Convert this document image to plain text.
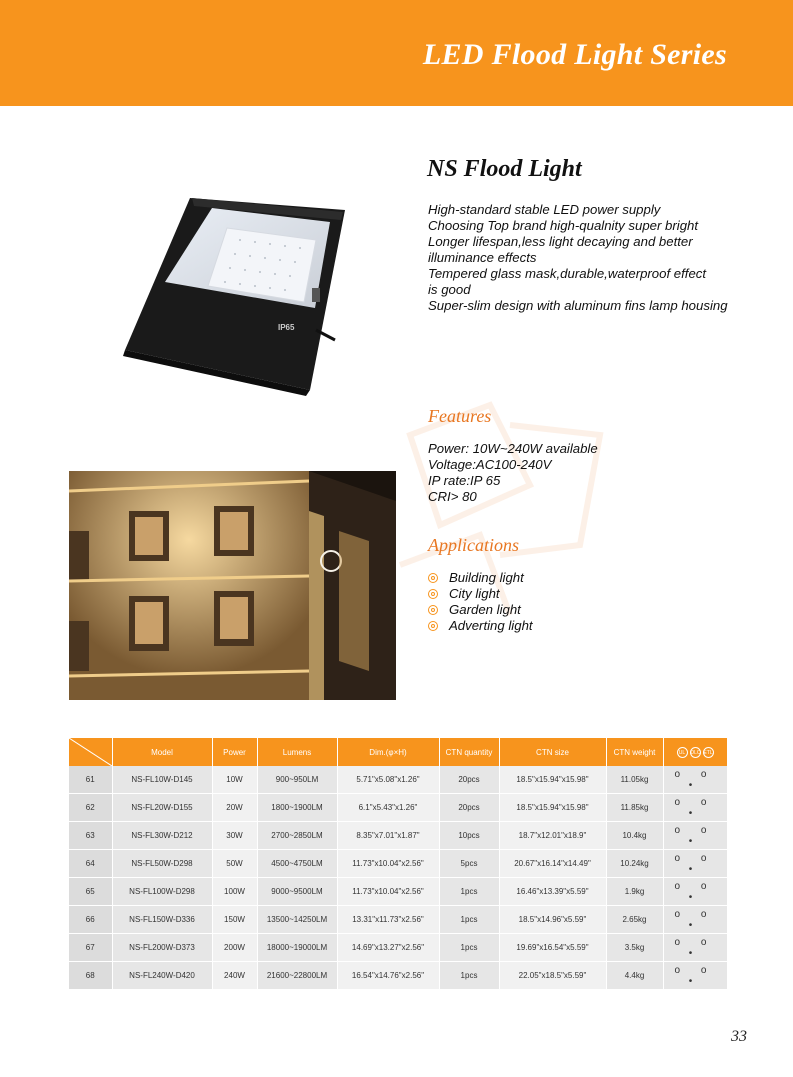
LED Flood Light Series
IP65
NS Flood Light
High-standard stable LED power supply
Choosing Top brand high-qualnity super bright
Longer lifespan,less light decaying and better
illuminance effects
Tempered glass mask,durable,waterproof effect
is good
Super-slim design with aluminum fins lamp housing
Features
Power: 10W~240W available
Voltage:AC100-240V
IP rate:IP 65
CRI> 80
Applications
Building light
City light
Garden light
Adverting light
	Model	Power	Lumens	Dim.(φ×H)	CTN quantity	CTN size	CTN weight	UL DLC ETL

61	NS-FL10W-D145	10W	900~950LM	5.71"x5.08"x1.26"	20pcs	18.5"x15.94"x15.98"	11.05kg	o o •
62	NS-FL20W-D155	20W	1800~1900LM	6.1"x5.43"x1.26"	20pcs	18.5"x15.94"x15.98"	11.85kg	o o •
63	NS-FL30W-D212	30W	2700~2850LM	8.35"x7.01"x1.87"	10pcs	18.7"x12.01"x18.9"	10.4kg	o o •
64	NS-FL50W-D298	50W	4500~4750LM	11.73"x10.04"x2.56"	5pcs	20.67"x16.14"x14.49"	10.24kg	o o •
65	NS-FL100W-D298	100W	9000~9500LM	11.73"x10.04"x2.56"	1pcs	16.46"x13.39"x5.59"	1.9kg	o o •
66	NS-FL150W-D336	150W	13500~14250LM	13.31"x11.73"x2.56"	1pcs	18.5"x14.96"x5.59"	2.65kg	o o •
67	NS-FL200W-D373	200W	18000~19000LM	14.69"x13.27"x2.56"	1pcs	19.69"x16.54"x5.59"	3.5kg	o o •
68	NS-FL240W-D420	240W	21600~22800LM	16.54"x14.76"x2.56"	1pcs	22.05"x18.5"x5.59"	4.4kg	o o •
33
